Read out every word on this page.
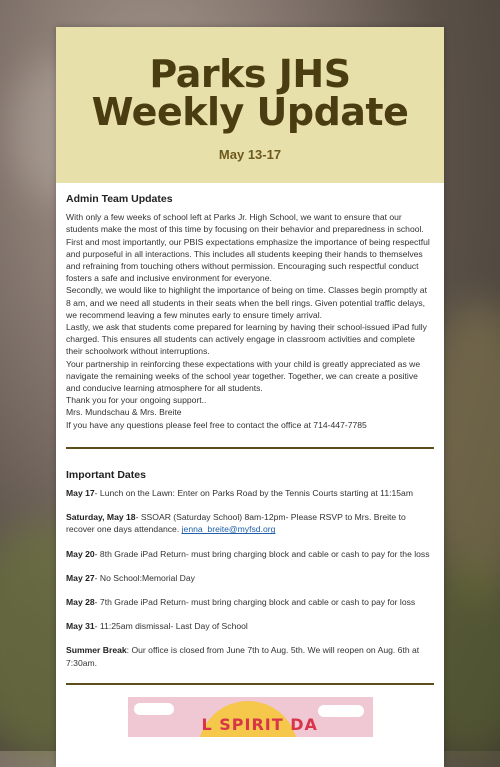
Parks JHS
Weekly Update
May 13-17
Admin Team Updates

With only a few weeks of school left at Parks Jr. High School, we want to ensure that our students make the most of this time by focusing on their behavior and preparedness in school.

First and most importantly, our PBIS expectations emphasize the importance of being respectful and purposeful in all interactions. This includes all students keeping their hands to themselves and refraining from touching others without permission. Encouraging such respectful conduct fosters a safe and inclusive environment for everyone.

Secondly, we would like to highlight the importance of being on time. Classes begin promptly at 8 am, and we need all students in their seats when the bell rings. Given potential traffic delays, we recommend leaving a few minutes early to ensure timely arrival.

Lastly, we ask that students come prepared for learning by having their school-issued iPad fully charged. This ensures all students can actively engage in classroom activities and complete their schoolwork without interruptions.

Your partnership in reinforcing these expectations with your child is greatly appreciated as we navigate the remaining weeks of the school year together. Together, we can create a positive and conducive learning atmosphere for all students.

Thank you for your ongoing support..

Mrs. Mundschau & Mrs. Breite

If you have any questions please feel free to contact the office at 714-447-7785

Important Dates

May 17- Lunch on the Lawn: Enter on Parks Road by the Tennis Courts starting at 11:15am

Saturday, May 18- SSOAR (Saturday School) 8am-12pm- Please RSVP to Mrs. Breite to recover one days attendance. jenna_breite@myfsd.org

May 20- 8th Grade iPad Return- must bring charging block and cable or cash to pay for the loss

May 27- No School:Memorial Day

May 28- 7th Grade iPad Return- must bring charging block and cable or cash to pay for loss

May 31- 11:25am dismissal- Last Day of School

Summer Break: Our office is closed from June 7th to Aug. 5th. We will reopen on Aug. 6th at 7:30am.

L SPIRIT DA
